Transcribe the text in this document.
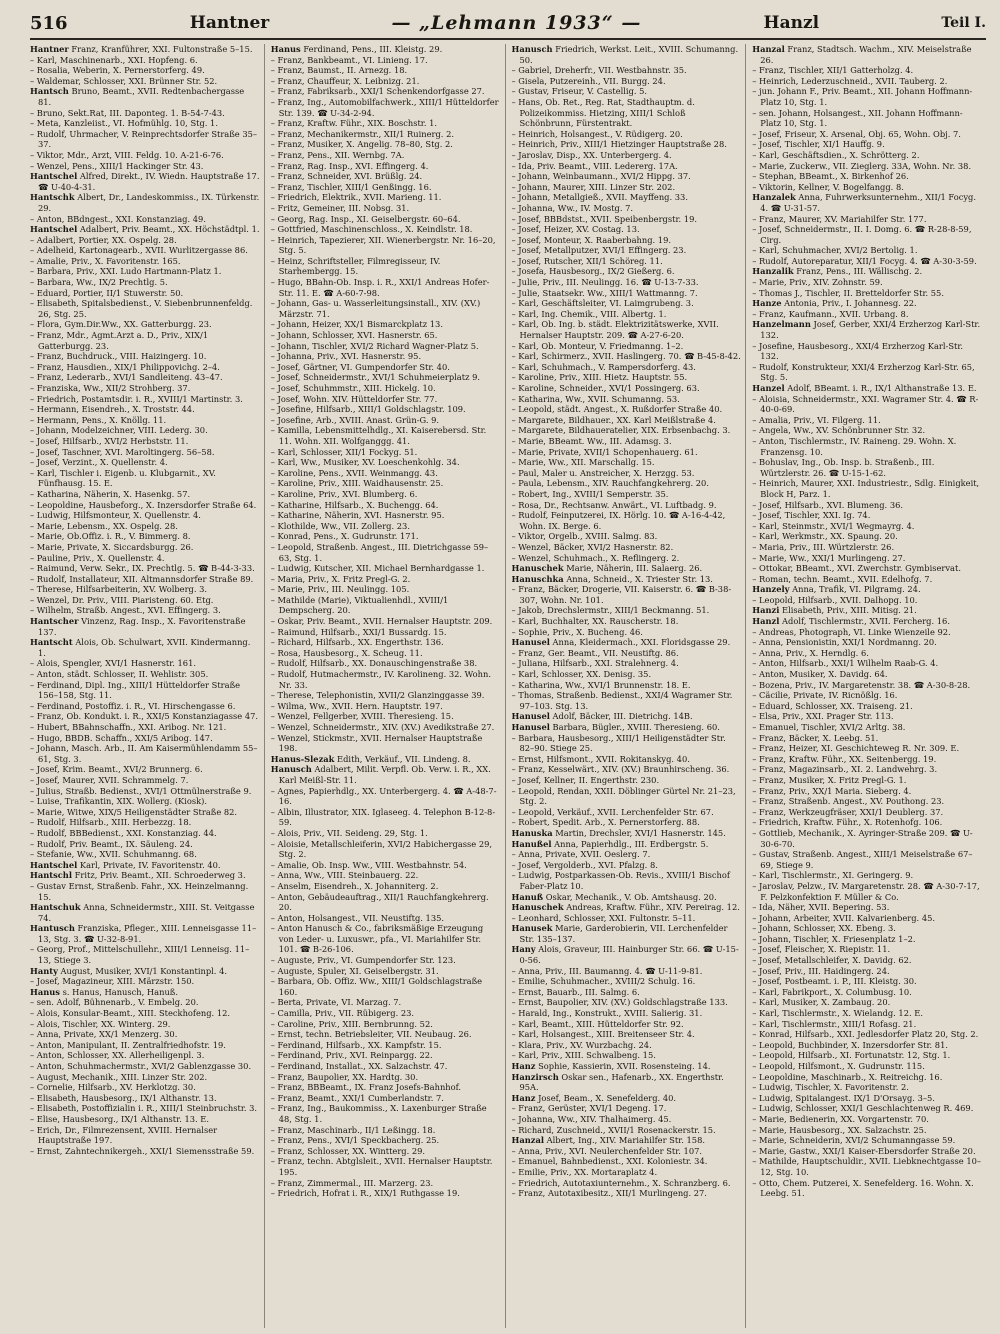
516	Hantner	— „Lehmann 1933“ —	Hanzl	Teil I.

Hantner Franz, Kranführer, XXI. Fultonstraße 5–15.

– Karl, Maschinenarb., XXI. Hopfeng. 6.

– Rosalia, Weberin, X. Pernerstorferg. 49.

– Waldemar, Schlosser, XXI. Brünner Str. 52.

Hantsch Bruno, Beamt., XVII. Redtenbachergasse 81.

– Bruno, Sekt.Rat, III. Daponteg. 1. B-54-7-43.

– Meta, Kanzleiist., VI. Hofmühlg. 10, Stg. 1.

– Rudolf, Uhrmacher, V. Reinprechtsdorfer Straße 35–37.

– Viktor, Mdr., Arzt, VIII. Feldg. 10. A-21-6-76.

– Wenzel, Pens., XIII/1 Hackinger Str. 43.

Hantschel Alfred, Direkt., IV. Wiedn. Hauptstraße 17. ☎ U-40-4-31.

Hantschk Albert, Dr., Landeskommiss., IX. Türkenstr. 29.

– Anton, BBdngest., XXI. Konstanziag. 49.

Hantschel Adalbert, Priv. Beamt., XX. Höchstädtpl. 1.

– Adalbert, Portier, XX. Ospelg. 28.

– Adelheid, Kartonagearb., XVII. Wurlitzergasse 86.

– Amalie, Priv., X. Favoritenstr. 165.

– Barbara, Priv., XXI. Ludo Hartmann-Platz 1.

– Barbara, Ww., IX/2 Prechtlg. 5.

– Eduard, Portier, II/1 Stuwerstr. 50.

– Elisabeth, Spitalsbedienst., V. Siebenbrunnenfeldg. 26, Stg. 25.

– Flora, Gym.Dir.Ww., XX. Gatterburgg. 23.

– Franz, Mdr., Agmt.Arzt a. D., Priv., XIX/1 Gatterburgg. 23.

– Franz, Buchdruck., VIII. Haizingerg. 10.

– Franz, Hausdien., XIX/1 Philippovichg. 2–4.

– Franz, Lederarb., XVI/1 Sandleiteng. 43–47.

– Franziska, Ww., XII/2 Strohberg. 37.

– Friedrich, Postamtsdir. i. R., XVIII/1 Martinstr. 3.

– Hermann, Eisendreh., X. Troststr. 44.

– Hermann, Pens., X. Knöllg. 11.

– Johann, Modelzeichner, VIII. Lederg. 30.

– Josef, Hilfsarb., XVI/2 Herbststr. 11.

– Josef, Taschner, XVI. Maroltingerg. 56–58.

– Josef, Verzint., X. Quellenstr. 4.

– Karl, Tischler i. Eigenb. u. Klubgarnit., XV. Fünfhausg. 15. E.

– Katharina, Näherin, X. Hasenkg. 57.

– Leopoldine, Hausbeforg., X. Inzersdorfer Straße 64.

– Ludwig, Hilfsmonteur, X. Quellenstr. 4.

– Marie, Lebensm., XX. Ospelg. 28.

– Marie, Ob.Offiz. i. R., V. Bimmerg. 8.

– Marie, Private, X. Siccardsburgg. 26.

– Pauline, Priv., X. Quellenstr. 4.

– Raimund, Verw. Sekr., IX. Prechtlg. 5. ☎ B-44-3-33.

– Rudolf, Installateur, XII. Altmannsdorfer Straße 89.

– Therese, Hilfsarbeiterin, XV. Wolberg. 3.

– Wenzel, Dr. Priv., VIII. Piaristeng. 60. Etg.

– Wilhelm, Straßb. Angest., XVI. Effingerg. 3.

Hantscher Vinzenz, Rag. Insp., X. Favoritenstraße 137.

Hantscht Alois, Ob. Schulwart, XVII. Kindermanng. 1.

– Alois, Spengler, XVI/1 Hasnerstr. 161.

– Anton, städt. Schlosser, II. Wehlistr. 305.

– Ferdinand, Dipl. Ing., XIII/1 Hütteldorfer Straße 156–158, Stg. 11.

– Ferdinand, Postoffiz. i. R., VI. Hirschengasse 6.

– Franz, Ob. Kondukt. i. R., XXI/5 Konstanziagasse 47.

– Hubert, BBahnschaffn., XXI. Aribog. Nr. 121.

– Hugo, BBDB. Schaffn., XXI/5 Aribog. 147.

– Johann, Masch. Arb., II. Am Kaisermühlendamm 55–61, Stg. 3.

– Josef, Krim. Beamt., XVI/2 Brunnerg. 6.

– Josef, Maurer, XVII. Schrammelg. 7.

– Julius, Straßb. Bedienst., XVI/1 Ottmülnerstraße 9.

– Luise, Trafikantin, XIX. Wollerg. (Kiosk).

– Marie, Witwe, XIX/5 Heiligenstädter Straße 82.

– Rudolf, Hilfsarb., XIII. Herbezzg. 18.

– Rudolf, BBBedienst., XXI. Konstanziag. 44.

– Rudolf, Priv. Beamt., IX. Säuleng. 24.

– Stefanie, Ww., XVII. Schuhmanng. 68.

Hantschel Karl, Private, IV. Favoritenstr. 40.

Hantschl Fritz, Priv. Beamt., XII. Schroederweg 3.

– Gustav Ernst, Straßenb. Fahr., XX. Heinzelmanng. 15.

Hantschuk Anna, Schneidermstr., XIII. St. Veitgasse 74.

Hantusch Franziska, Pfleger., XIII. Lenneisgasse 11–13, Stg. 3. ☎ U-32-8-91.

– Georg, Prof., Mittelschullehr., XIII/1 Lenneisg. 11–13, Stiege 3.

Hanty August, Musiker, XVI/1 Konstantinpl. 4.

– Josef, Magazineur, XIII. Märzstr. 150.

Hanus s. Hanus, Hanusch, Hanuß.

– sen. Adolf, Bühnenarb., V. Embelg. 20.

– Alois, Konsular-Beamt., XIII. Steckhofeng. 12.

– Alois, Tischler, XX. Winterg. 29.

– Anna, Private, XX/1 Menzerg. 30.

– Anton, Manipulant, II. Zentralfriedhofstr. 19.

– Anton, Schlosser, XX. Allerheiligenpl. 3.

– Anton, Schuhmachermstr., XVI/2 Gablenzgasse 30.

– August, Mechanik., XIII. Linzer Str. 202.

– Cornelie, Hilfsarb., XV. Herklotzg. 30.

– Elisabeth, Hausbesorg., IX/1 Althanstr. 13.

– Elisabeth, Postoffizialin i. R., XIII/1 Steinbruchstr. 3.

– Elise, Hausbesorg., IX/1 Althanstr. 13. E.

– Erich, Dr., Filmrezensent, XVIII. Hernalser Hauptstraße 197.

– Ernst, Zahntechnikergeh., XXI/1 Siemensstraße 59.

Hanus Ferdinand, Pens., III. Kleistg. 29.

– Franz, Bankbeamt., VI. Linieng. 17.

– Franz, Baumst., II. Arnezg. 18.

– Franz, Chauffeur, X. Leibnizg. 21.

– Franz, Fabriksarb., XXI/1 Schenkendorfgasse 27.

– Franz, Ing., Automobilfachwerk., XIII/1 Hütteldorfer Str. 139. ☎ U-34-2-94.

– Franz, Kraftw. Führ., XIX. Boschstr. 1.

– Franz, Mechanikermstr., XII/1 Ruinerg. 2.

– Franz, Musiker, X. Angelig. 78–80, Stg. 2.

– Franz, Pens., XII. Wernbg. 7A.

– Franz, Rag. Insp., XVI. Effingerg. 4.

– Franz, Schneider, XVI. Brüßlg. 24.

– Franz, Tischler, XIII/1 Genßingg. 16.

– Friedrich, Elektrik., XVII. Marieng. 11.

– Fritz, Gemeiner, III. Nobsg. 31.

– Georg, Rag. Insp., XI. Geiselbergstr. 60–64.

– Gottfried, Maschinenschloss., X. Keindlstr. 18.

– Heinrich, Tapezierer, XII. Wienerbergstr. Nr. 16–20, Stg. 5.

– Heinz, Schriftsteller, Filmregisseur, IV. Starhembergg. 15.

– Hugo, BBahn-Ob. Insp. i. R., XXI/1 Andreas Hofer-Str. 11. E. ☎ A-60-7-98.

– Johann, Gas- u. Wasserleitungsinstall., XIV. (XV.) Märzstr. 71.

– Johann, Heizer, XX/1 Bismarckplatz 13.

– Johann, Schlosser, XVI. Hasnerstr. 65.

– Johann, Tischler, XVI/2 Richard Wagner-Platz 5.

– Johanna, Priv., XVI. Hasnerstr. 95.

– Josef, Gärtner, VI. Gumpendorfer Str. 40.

– Josef, Schneidermstr., XVI/1 Schuhmeierplatz 9.

– Josef, Schuhmmstr., XIII. Hickelg. 10.

– Josef, Wohn. XIV. Hütteldorfer Str. 77.

– Josefine, Hilfsarb., XIII/1 Goldschlagstr. 109.

– Josefine, Arb., XVIII. Anast. Grün-G. 9.

– Kamilla, Lebensmittelhdlg., XI. Kaiserebersd. Str. 11. Wohn. XII. Wolfganggg. 41.

– Karl, Schlosser, XII/1 Fockyg. 51.

– Karl, Ww., Musiker, XV. Loeschenkohlg. 34.

– Karoline, Pens., XVII. Weinmangg. 43.

– Karoline, Priv., XIII. Waidhausenstr. 25.

– Karoline, Priv., XVI. Blumberg. 6.

– Katharine, Hilfsarb., X. Buchengg. 64.

– Katharine, Näherin, XVI. Hasnerstr. 95.

– Klothilde, Ww., VII. Zollerg. 23.

– Konrad, Pens., X. Gudrunstr. 171.

– Leopold, Straßenb. Angest., III. Dietrichgasse 59–63, Stg. 1.

– Ludwig, Kutscher, XII. Michael Bernhardgasse 1.

– Maria, Priv., X. Fritz Pregl-G. 2.

– Marie, Priv., III. Neulingg. 105.

– Mathilde (Marie), Viktualienhdl., XVIII/1 Dempscherg. 20.

– Oskar, Priv. Beamt., XVII. Hernalser Hauptstr. 209.

– Raimund, Hilfsarb., XXI/1 Bussardg. 15.

– Richard, Hilfsarb., XX. Engerthstr. 136.

– Rosa, Hausbesorg., X. Scheug. 11.

– Rudolf, Hilfsarb., XX. Donauschingenstraße 38.

– Rudolf, Hutmachermstr., IV. Karolineng. 32. Wohn. Nr. 33.

– Therese, Telephonistin, XVII/2 Glanzinggasse 39.

– Wilma, Ww., XVII. Hern. Hauptstr. 197.

– Wenzel, Fellgerber, XVIII. Theresieng. 15.

– Wenzel, Schneidermstr., XIV. (XV.) Avedikstraße 27.

– Wenzel, Stickmstr., XVII. Hernalser Hauptstraße 198.

Hanus-Slezak Edith, Verkäuf., VII. Lindeng. 8.

Hanusch Adalbert, Milit. Verpfl. Ob. Verw. i. R., XX. Karl Meißl-Str. 11.

– Agnes, Papierhdlg., XX. Unterbergerg. 4. ☎ A-48-7-16.

– Albin, Illustrator, XIX. Iglaseeg. 4. Telephon B-12-8-59.

– Alois, Priv., VII. Seideng. 29, Stg. 1.

– Aloisie, Metallschleiferin, XVI/2 Habichergasse 29, Stg. 2.

– Amalie, Ob. Insp. Ww., VIII. Westbahnstr. 54.

– Anna, Ww., VIII. Steinbauerg. 22.

– Anselm, Eisendreh., X. Johanniterg. 2.

– Anton, Gebäudeauftrag., XII/1 Rauchfangkehrerg. 20.

– Anton, Holsangest., VII. Neustiftg. 135.

– Anton Hanusch & Co., fabriksmäßige Erzeugung von Leder- u. Luxuswr., pfa., VI. Mariahilfer Str. 101. ☎ B-26-106.

– Auguste, Priv., VI. Gumpendorfer Str. 123.

– Auguste, Spuler, XI. Geiselbergstr. 31.

– Barbara, Ob. Offiz. Ww., XIII/1 Goldschlagstraße 160.

– Berta, Private, VI. Marzag. 7.

– Camilla, Priv., VII. Rübigerg. 23.

– Caroline, Priv., XIII. Bernbrunng. 52.

– Ernst, techn. Betriebsleiter, VII. Neubaug. 26.

– Ferdinand, Hilfsarb., XX. Kampfstr. 15.

– Ferdinand, Priv., XVI. Reinpargg. 22.

– Ferdinand, Installat., XX. Salzachstr. 47.

– Franz, Baupolier, XX. Hardtg. 30.

– Franz, BBBeamt., IX. Franz Josefs-Bahnhof.

– Franz, Beamt., XXI/1 Cumberlandstr. 7.

– Franz, Ing., Baukommiss., X. Laxenburger Straße 48, Stg. 1.

– Franz, Maschinarb., II/1 Leßingg. 18.

– Franz, Pens., XVI/1 Speckbacherg. 25.

– Franz, Schlosser, XX. Wintterg. 29.

– Franz, techn. Abtglsleit., XVII. Hernalser Hauptstr. 195.

– Franz, Zimmermal., III. Marzerg. 23.

– Friedrich, Hofrat i. R., XIX/1 Ruthgasse 19.

Hanusch Friedrich, Werkst. Leit., XVIII. Schumanng. 50.

– Gabriel, Dreherfr., VII. Westbahnstr. 35.

– Gisela, Putzereinh., VII. Burgg. 24.

– Gustav, Friseur, V. Castellig. 5.

– Hans, Ob. Ret., Reg. Rat, Stadthauptm. d. Polizeikommiss. Hietzing, XIII/1 Schloß Schönbrunn, Fürstentrakt.

– Heinrich, Holsangest., V. Rüdigerg. 20.

– Heinrich, Priv., XIII/1 Hietzinger Hauptstraße 28.

– Jaroslav, Disp., XX. Unterbergerg. 4.

– Ida, Priv. Beamt., VIII. Ledererg. 17A.

– Johann, Weinbaumann., XVI/2 Hippg. 37.

– Johann, Maurer, XIII. Linzer Str. 202.

– Johann, Metallgieß., XVII. Mayffeng. 33.

– Johanna, Ww., IV. Mostg. 7.

– Josef, BBBdstst., XVII. Speibenbergstr. 19.

– Josef, Heizer, XV. Costag. 13.

– Josef, Monteur, X. Raaberbahng. 19.

– Josef, Metallputzer, XVI/1 Effingerg. 23.

– Josef, Rutscher, XII/1 Schöreg. 11.

– Josefa, Hausbesorg., IX/2 Gießerg. 6.

– Julie, Priv., III. Neulingg. 16. ☎ U-13-7-33.

– Julie, Staatsekr. Ww., XIII/1 Wattmanng. 7.

– Karl, Geschäftsleiter, VI. Laimgrubeng. 3.

– Karl, Ing. Chemik., VIII. Albertg. 1.

– Karl, Ob. Ing. b. städt. Elektrizitätswerke, XVII. Hernalser Hauptstr. 209. ☎ A-27-6-20.

– Karl, Ob. Monteur, V. Friedmanng. 1–2.

– Karl, Schirmerz., XVII. Haslingerg. 70. ☎ B-45-8-42.

– Karl, Schuhmach., V. Rampersdorferg. 43.

– Karoline, Priv., XIII. Hietz. Hauptstr. 55.

– Karoline, Schneider., XVI/1 Possingerg. 63.

– Katharina, Ww., XVII. Schumanng. 53.

– Leopold, städt. Angest., X. Rußdorfer Straße 40.

– Margarete, Bildhauer., XX. Karl Meißlstraße 4.

– Margarete, Bildhaueratelier, XIX. Erbsenbachg. 3.

– Marie, BBeamt. Ww., III. Adamsg. 3.

– Marie, Private, XVII/1 Schopenhauerg. 61.

– Marie, Ww., XII. Marschallg. 15.

– Paul, Maler u. Anstreicher, X. Herzgg. 53.

– Paula, Lebensm., XIV. Rauchfangkehrerg. 20.

– Robert, Ing., XVIII/1 Semperstr. 35.

– Rosa, Dr., Rechtsanw. Anwärt., VI. Luftbadg. 9.

– Rudolf, Feinputzerei, IX. Hörlg. 10. ☎ A-16-4-42, Wohn. IX. Berge. 6.

– Viktor, Orgelb., XVIII. Salmg. 83.

– Wenzel, Bäcker, XVI/2 Hasnerstr. 82.

– Wenzel, Schuhmach., X. Reflingerg. 2.

Hanuschek Marie, Näherin, III. Salaerg. 26.

Hanuschka Anna, Schneid., X. Triester Str. 13.

– Franz, Bäcker, Drogerie, VII. Kaiserstr. 6. ☎ B-38-307, Wohn. Nr. 101.

– Jakob, Drechslermstr., XIII/1 Beckmanng. 51.

– Karl, Buchhalter, XX. Rauscherstr. 18.

– Sophie, Priv., X. Bucheng. 46.

Hanusel Anna, Kleidermach., XXI. Floridsgasse 29.

– Franz, Ger. Beamt., VII. Neustiftg. 86.

– Juliana, Hilfsarb., XXI. Stralehnerg. 4.

– Karl, Schlosser, XX. Denisg. 35.

– Katharina, Ww., XVI/1 Brunnenstr. 18. E.

– Thomas, Straßenb. Bedienst., XXI/4 Wagramer Str. 97–103. Stg. 13.

Hanusel Adolf, Bäcker, III. Dietrichg. 14B.

Hanusel Barbara, Bügler., XVIII. Theresieng. 60.

– Barbara, Hausbesorg., XIII/1 Heiligenstädter Str. 82–90. Stiege 25.

– Ernst, Hilfsmont., XVII. Rokitanskyg. 40.

– Franz, Kesselwärt., XIV. (XV.) Braunhirscheng. 36.

– Josef, Kellner, II. Engerthstr. 230.

– Leopold, Rendan, XXII. Döblinger Gürtel Nr. 21–23, Stg. 2.

– Leopold, Verkäuf., XVII. Lerchenfelder Str. 67.

– Robert, Spedit. Arb., X. Pernerstorferg. 88.

Hanuska Martin, Drechsler, XVI/1 Hasnerstr. 145.

Hanußel Anna, Papierhdlg., III. Erdbergstr. 5.

– Anna, Private, XVII. Oeslerg. 7.

– Josef, Vergolderb., XVI. Pfalzg. 8.

– Ludwig, Postparkassen-Ob. Revis., XVIII/1 Bischof Faber-Platz 10.

Hanuß Oskar, Mechanik., V. Ob. Amtshausg. 20.

Hanuschek Andreas, Kraftw. Führ., XIV. Pereirag. 12.

– Leonhard, Schlosser, XXI. Fultonstr. 5–11.

Hanusek Marie, Garderobierin, VII. Lerchenfelder Str. 135–137.

Hany Alois, Graveur, III. Hainburger Str. 66. ☎ U-15-0-56.

– Anna, Priv., III. Baumanng. 4. ☎ U-11-9-81.

– Emilie, Schuhmacher., XVIII/2 Schulg. 16.

– Ernst, Bauarb., III. Salmg. 6.

– Ernst, Baupolier, XIV. (XV.) Goldschlagstraße 133.

– Harald, Ing., Konstrukt., XVIII. Salierig. 31.

– Karl, Beamt., XIII. Hütteldorfer Str. 92.

– Karl, Holsangest., XIII. Breitenseer Str. 4.

– Klara, Priv., XV. Wurzbachg. 24.

– Karl, Priv., XIII. Schwalbeng. 15.

Hanz Sophie, Kassierin, XVII. Rosensteing. 14.

Hanzirsch Oskar sen., Hafenarb., XX. Engerthstr. 95A.

Hanz Josef, Beam., X. Senefelderg. 40.

– Franz, Gerüster, XVI/1 Degeng. 17.

– Johanna, Ww., XIV. Thalhaimerg. 45.

– Richard, Zuschneid., XVII/1 Rosenackerstr. 15.

Hanzal Albert, Ing., XIV. Mariahilfer Str. 158.

– Anna, Priv., XVI. Neulerchenfelder Str. 107.

– Emanuel, Bahnbedienst., XXI. Koloniestr. 34.

– Emilie, Priv., XX. Mortaraplatz 4.

– Friedrich, Autotaxiunternehm., X. Schranzberg. 6.

– Franz, Autotaxibesitz., XII/1 Murlingeng. 27.

Hanzal Franz, Stadtsch. Wachm., XIV. Meiselstraße 26.

– Franz, Tischler, XII/1 Gatterholzg. 4.

– Heinrich, Lederzuschneid., XVII. Tauberg. 2.

– jun. Johann F., Priv. Beamt., XII. Johann Hoffmann-Platz 10, Stg. 1.

– sen. Johann, Holsangest., XII. Johann Hoffmann-Platz 10, Stg. 1.

– Josef, Friseur, X. Arsenal, Obj. 65, Wohn. Obj. 7.

– Josef, Tischler, XI/1 Hauffg. 9.

– Karl, Geschäftsdien., X. Schrötterg. 2.

– Marie, Zuckerw., VII. Zieglerg. 33A, Wohn. Nr. 38.

– Stephan, BBeamt., X. Birkenhof 26.

– Viktorin, Kellner, V. Bogelfangg. 8.

Hanzalek Anna, Fuhrwerksunternehm., XII/1 Focyg. 4. ☎ U-31-57.

– Franz, Maurer, XV. Mariahilfer Str. 177.

– Josef, Schneidermstr., II. I. Domg. 6. ☎ R-28-8-59, Cirg.

– Karl, Schuhmacher, XVI/2 Bertolig. 1.

– Rudolf, Autoreparatur, XII/1 Focyg. 4. ☎ A-30-3-59.

Hanzalik Franz, Pens., III. Wällischg. 2.

– Marie, Priv., XIV. Zohnstr. 59.

– Thomas J., Tischler, II. Bretteldorfer Str. 55.

Hanze Antonia, Priv., I. Johannesg. 22.

– Franz, Kaufmann., XVII. Urbang. 8.

Hanzelmann Josef, Gerber, XXI/4 Erzherzog Karl-Str. 132.

– Josefine, Hausbesorg., XXI/4 Erzherzog Karl-Str. 132.

– Rudolf, Konstrukteur, XXI/4 Erzherzog Karl-Str. 65, Stg. 5.

Hanzel Adolf, BBeamt. i. R., IX/1 Althanstraße 13. E.

– Aloisia, Schneidermstr., XXI. Wagramer Str. 4. ☎ R-40-0-69.

– Amalia, Priv., VI. Filgerg. 11.

– Angela, Ww., XV. Schönbrunner Str. 32.

– Anton, Tischlermstr., IV. Raineng. 29. Wohn. X. Franzensg. 10.

– Bohuslav, Ing., Ob. Insp. b. Straßenb., III. Würtzlerstr. 26. ☎ U-15-1-62.

– Heinrich, Maurer, XXI. Industriestr., Sdlg. Einigkeit, Block H, Parz. 1.

– Josef, Hilfsarb., XVI. Blumeng. 36.

– Josef, Tischler, XXI. Ig. 74.

– Karl, Steinmstr., XVI/1 Wegmayrg. 4.

– Karl, Werkmstr., XX. Spaung. 20.

– Maria, Priv., III. Würtzlerstr. 26.

– Marie, Ww., XXI/1 Murlingeng. 27.

– Ottokar, BBeamt., XVI. Zwerchstr. Gymbiservat.

– Roman, techn. Beamt., XVII. Edelhofg. 7.

Hanzely Anna, Trafik, VI. Pilgramg. 24.

– Leopold, Hilfsarb., XVII. Dalhopg. 10.

Hanzi Elisabeth, Priv., XIII. Mitisg. 21.

Hanzl Adolf, Tischlermstr., XVII. Fercherg. 16.

– Andreas, Photograph, VI. Linke Wienzeile 92.

– Anna, Pensionistin, XXI/1 Nordmanng. 20.

– Anna, Priv., X. Herndlg. 6.

– Anton, Hilfsarb., XXI/1 Wilhelm Raab-G. 4.

– Anton, Musiker, X. Davidg. 64.

– Bozena, Priv., IV. Margaretenstr. 38. ☎ A-30-8-28.

– Cäcilie, Private, IV. Ricnößlg. 16.

– Eduard, Schlosser, XX. Traiseng. 21.

– Elsa, Priv., XXI. Prager Str. 113.

– Emanuel, Tischler, XVI/2 Arltg. 38.

– Franz, Bäcker, X. Leebg. 51.

– Franz, Heizer, XI. Geschichteweg R. Nr. 309. E.

– Franz, Kraftw. Führ., XX. Seitenbergg. 19.

– Franz, Magazinsarb., XI. 2. Landwehrg. 3.

– Franz, Musiker, X. Fritz Pregl-G. 1.

– Franz, Priv., XX/1 Maria. Sieberg. 4.

– Franz, Straßenb. Angest., XV. Pouthong. 23.

– Franz, Werkzeugfräser, XXI/1 Deublerg. 37.

– Friedrich, Kraftw. Führ., X. Rotenhofg. 106.

– Gottlieb, Mechanik., X. Ayringer-Straße 209. ☎ U-30-6-70.

– Gustav, Straßenb. Angest., XIII/1 Meiselstraße 67–69, Stiege 9.

– Karl, Tischlermstr., XI. Geringerg. 9.

– Jaroslav, Pelzw., IV. Margaretenstr. 28. ☎ A-30-7-17, F. Pelzkonfektion F. Müller & Co.

– Ida, Näher, XVII. Bepering. 53.

– Johann, Arbeiter, XVII. Kalvarienberg. 45.

– Johann, Schlosser, XX. Ebeng. 3.

– Johann, Tischler, X. Friesenplatz 1–2.

– Josef, Fleischer, X. Riepistr. 11.

– Josef, Metallschleifer, X. Davidg. 62.

– Josef, Priv., III. Haidingerg. 24.

– Josef, Postbeamt. i. P., III. Kleistg. 30.

– Karl, Fabrikport., X. Columbusg. 10.

– Karl, Musiker, X. Zambaug. 20.

– Karl, Tischlermstr., X. Wielandg. 12. E.

– Karl, Tischlermstr., XIII/1 Rofasg. 21.

– Konrad, Hilfsarb., XXI. Jedlesdorfer Platz 20, Stg. 2.

– Leopold, Buchbinder, X. Inzersdorfer Str. 81.

– Leopold, Hilfsarb., XI. Fortunatstr. 12, Stg. 1.

– Leopold, Hilfsmont., X. Gudrunstr. 115.

– Leopoldine, Maschinarb., X. Reitreichg. 16.

– Ludwig, Tischler, X. Favoritenstr. 2.

– Ludwig, Spitalangest. IX/1 D'Orsayg. 3–5.

– Ludwig, Schlosser, XXI/1 Geschlachtenweg R. 469.

– Marie, Bedienerin, XX. Vorgartenstr. 70.

– Marie, Hausbesorg., XX. Salzachstr. 25.

– Marie, Schneiderin, XVI/2 Schumanngasse 59.

– Marie, Gastw., XXI/1 Kaiser-Ebersdorfer Straße 20.

– Mathilde, Hauptschuldir., XVII. Liebknechtgasse 10–12, Stg. 10.

– Otto, Chem. Putzerei, X. Senefelderg. 16. Wohn. X. Leebg. 51.
